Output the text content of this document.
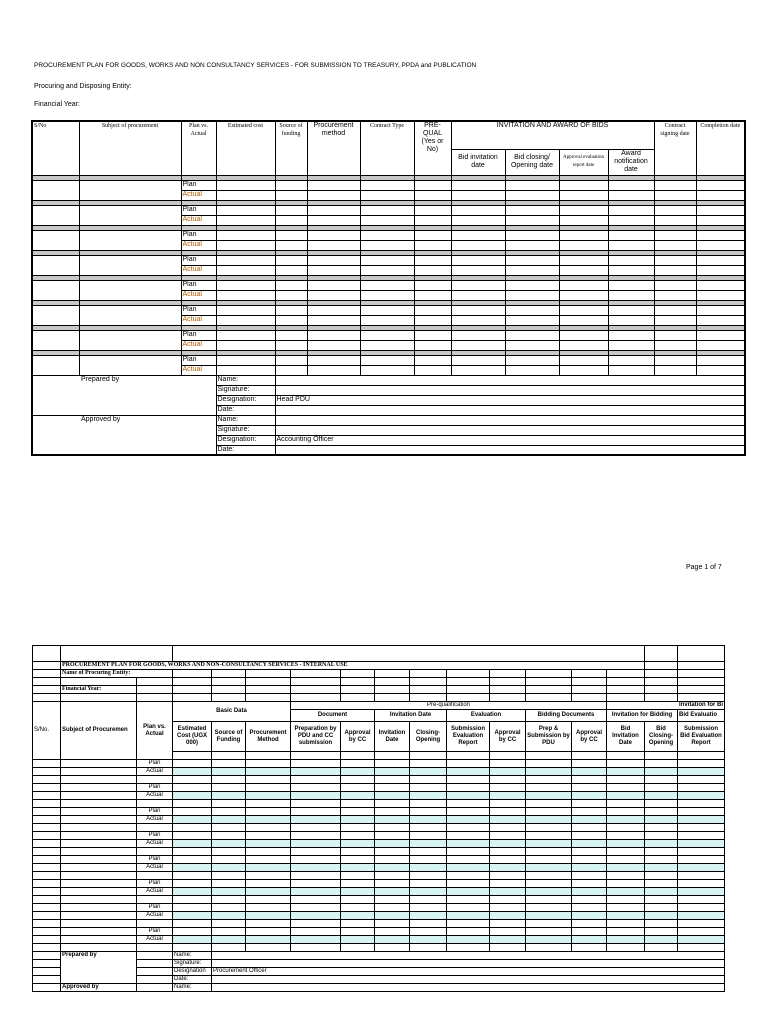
PROCUREMENT PLAN FOR GOODS, WORKS AND NON CONSULTANCY SERVICES - FOR SUBMISSION TO TREASURY, PPDA and PUBLICATION
Procuring and Disposing Entity:
Financial Year:
S/No	Subject of procurement	Plan vs. Actual	Estimated cost	Source of funding	Procurement method	Contract Type	PRE-QUAL (Yes or No)	INVITATION AND AWARD OF BIDS				Contract signing date	Completion date
								Bid invitation date	Bid closing/ Opening date	Approval evaluation report date	Award notification date		

		Plan											
		Actual											

		Plan											
		Actual											

		Plan											
		Actual											

		Plan											
		Actual											

		Plan											
		Actual											

		Plan											
		Actual											

		Plan											
		Actual											

		Plan											
		Actual											
Prepared by			Name:										
			Signature:										
			Designation:	Head PDU									
			Date:										
Approved by			Name:										
			Signature:										
			Designation:	Accounting Officer									
			Date:										
Page 1 of 7

	PROCUREMENT PLAN FOR GOODS, WORKS AND NON-CONSULTANCY SERVICES - INTERNAL USE															
	Name of Procuring Entity:															

	Financial Year:															

S/No.	Subject of Procuremen	Plan vs. Actual	Basic Data			Pre-qualification								Invitation for Bi		
						Document		Invitation Date		Evaluation		Bidding Documents		Invitation for Bidding		Bid Evaluatio
			Estimated Cost (UGX 000)	Source of Funding	Procurement Method	Preparation by PDU and CC submission	Approval by CC	Invitation Date	Closing-Opening	Submission Evaluation Report	Approval by CC	Prep & Submission by PDU	Approval by CC	Bid Invitation Date	Bid Closing-Opening	Submission Bid Evaluation Report

		Plan														
		Actual														

		Plan														
		Actual														

		Plan														
		Actual														

		Plan														
		Actual														

		Plan														
		Actual														

		Plan														
		Actual														

		Plan														
		Actual														

		Plan														
		Actual														

	Prepared by		Name:													
			Signature:													
			Designation	Procurement Officer												
			Date:													
	Approved by		Name:													
